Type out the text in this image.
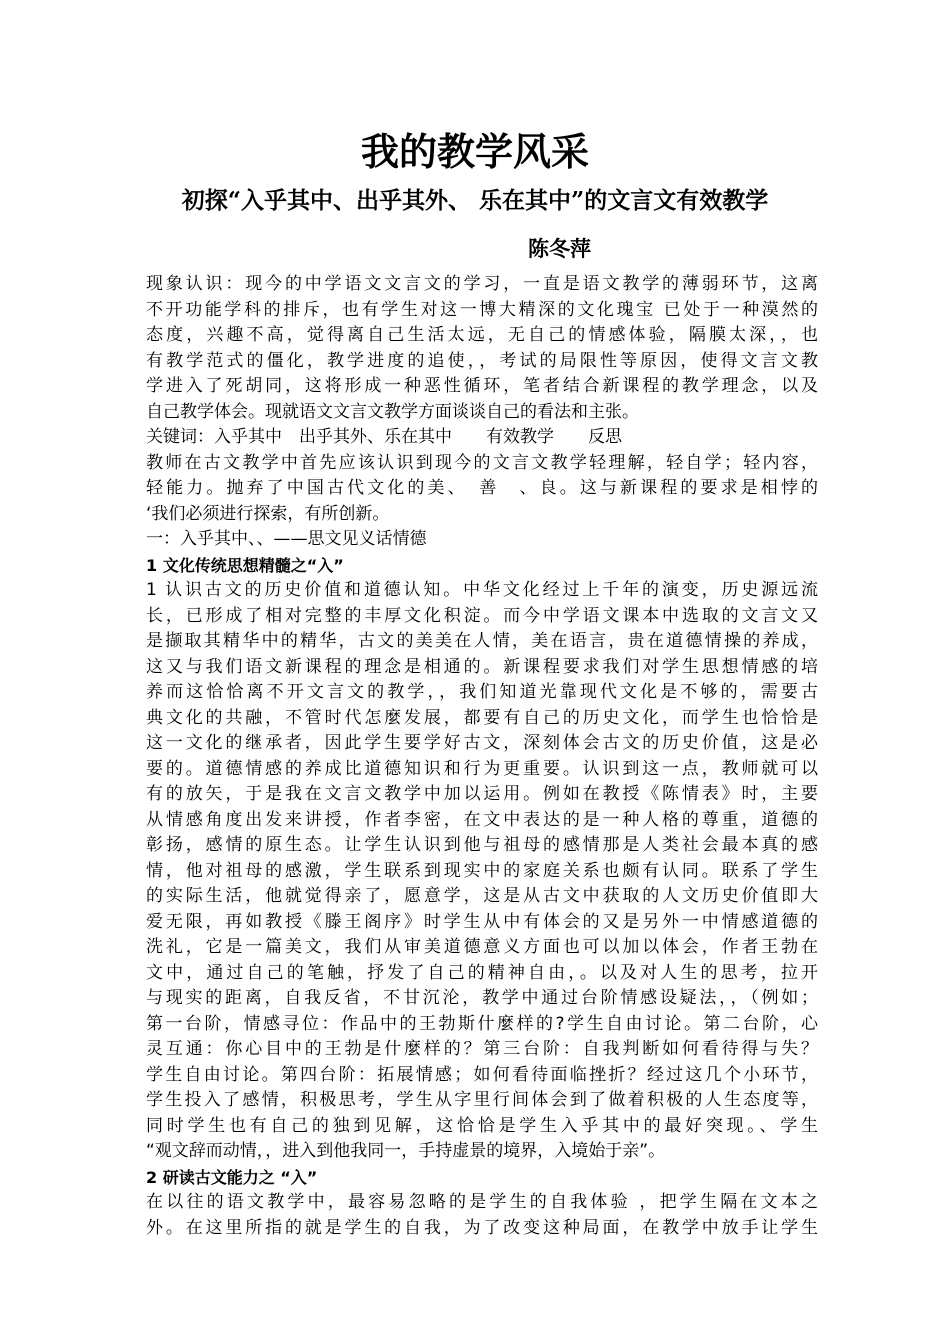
我的教学风采
初探“入乎其中、出乎其外、 乐在其中”的文言文有效教学
陈冬萍
现象认识：现今的中学语文文言文的学习，一直是语文教学的薄弱环节，这离
不开功能学科的排斥，也有学生对这一博大精深的文化瑰宝 已处于一种漠然的
态度，兴趣不高，觉得离自己生活太远，无自己的情感体验，隔膜太深，，也
有教学范式的僵化，教学进度的追使，，考试的局限性等原因，使得文言文教
学进入了死胡同，这将形成一种恶性循环，笔者结合新课程的教学理念，以及
自己教学体会。现就语文文言文教学方面谈谈自己的看法和主张。
关键词：入乎其中　出乎其外、乐在其中　　有效教学　　反思
教师在古文教学中首先应该认识到现今的文言文教学轻理解，轻自学；轻内容，
轻能力。抛弃了中国古代文化的美、　善　、良。这与新课程的要求是相悖的
‘我们必须进行探索，有所创新。
一：入乎其中、、——思文见义话情德
1 文化传统思想精髓之“入”
1 认识古文的历史价值和道德认知。中华文化经过上千年的演变，历史源远流
长，已形成了相对完整的丰厚文化积淀。而今中学语文课本中选取的文言文又
是撷取其精华中的精华，古文的美美在人情，美在语言，贵在道德情操的养成，
这又与我们语文新课程的理念是相通的。新课程要求我们对学生思想情感的培
养而这恰恰离不开文言文的教学，，我们知道光靠现代文化是不够的，需要古
典文化的共融，不管时代怎麼发展，都要有自己的历史文化，而学生也恰恰是
这一文化的继承者，因此学生要学好古文，深刻体会古文的历史价值，这是必
要的。道德情感的养成比道德知识和行为更重要。认识到这一点，教师就可以
有的放矢，于是我在文言文教学中加以运用。例如在教授《陈情表》时，主要
从情感角度出发来讲授，作者李密，在文中表达的是一种人格的尊重，道德的
彰扬，感情的原生态。让学生认识到他与祖母的感情那是人类社会最本真的感
情，他对祖母的感激，学生联系到现实中的家庭关系也颇有认同。联系了学生
的实际生活，他就觉得亲了，愿意学，这是从古文中获取的人文历史价值即大
爱无限，再如教授《滕王阁序》时学生从中有体会的又是另外一中情感道德的
洗礼，它是一篇美文，我们从审美道德意义方面也可以加以体会，作者王勃在
文中，通过自己的笔触，抒发了自己的精神自由，。以及对人生的思考，拉开
与现实的距离，自我反省，不甘沉沦，教学中通过台阶情感设疑法，，（例如；
第一台阶，情感寻位：作品中的王勃斯什麼样的?学生自由讨论。第二台阶，心
灵互通：你心目中的王勃是什麼样的？第三台阶：自我判断如何看待得与失？
学生自由讨论。第四台阶：拓展情感；如何看待面临挫折？经过这几个小环节，
学生投入了感情，积极思考，学生从字里行间体会到了做着积极的人生态度等，
同时学生也有自己的独到见解，这恰恰是学生入乎其中的最好突现。、学生
“观文辞而动情，，进入到他我同一，手持虚景的境界，入境始于亲”。
2 研读古文能力之 “入”
在以往的语文教学中，最容易忽略的是学生的自我体验 ，把学生隔在文本之
外。在这里所指的就是学生的自我，为了改变这种局面，在教学中放手让学生
